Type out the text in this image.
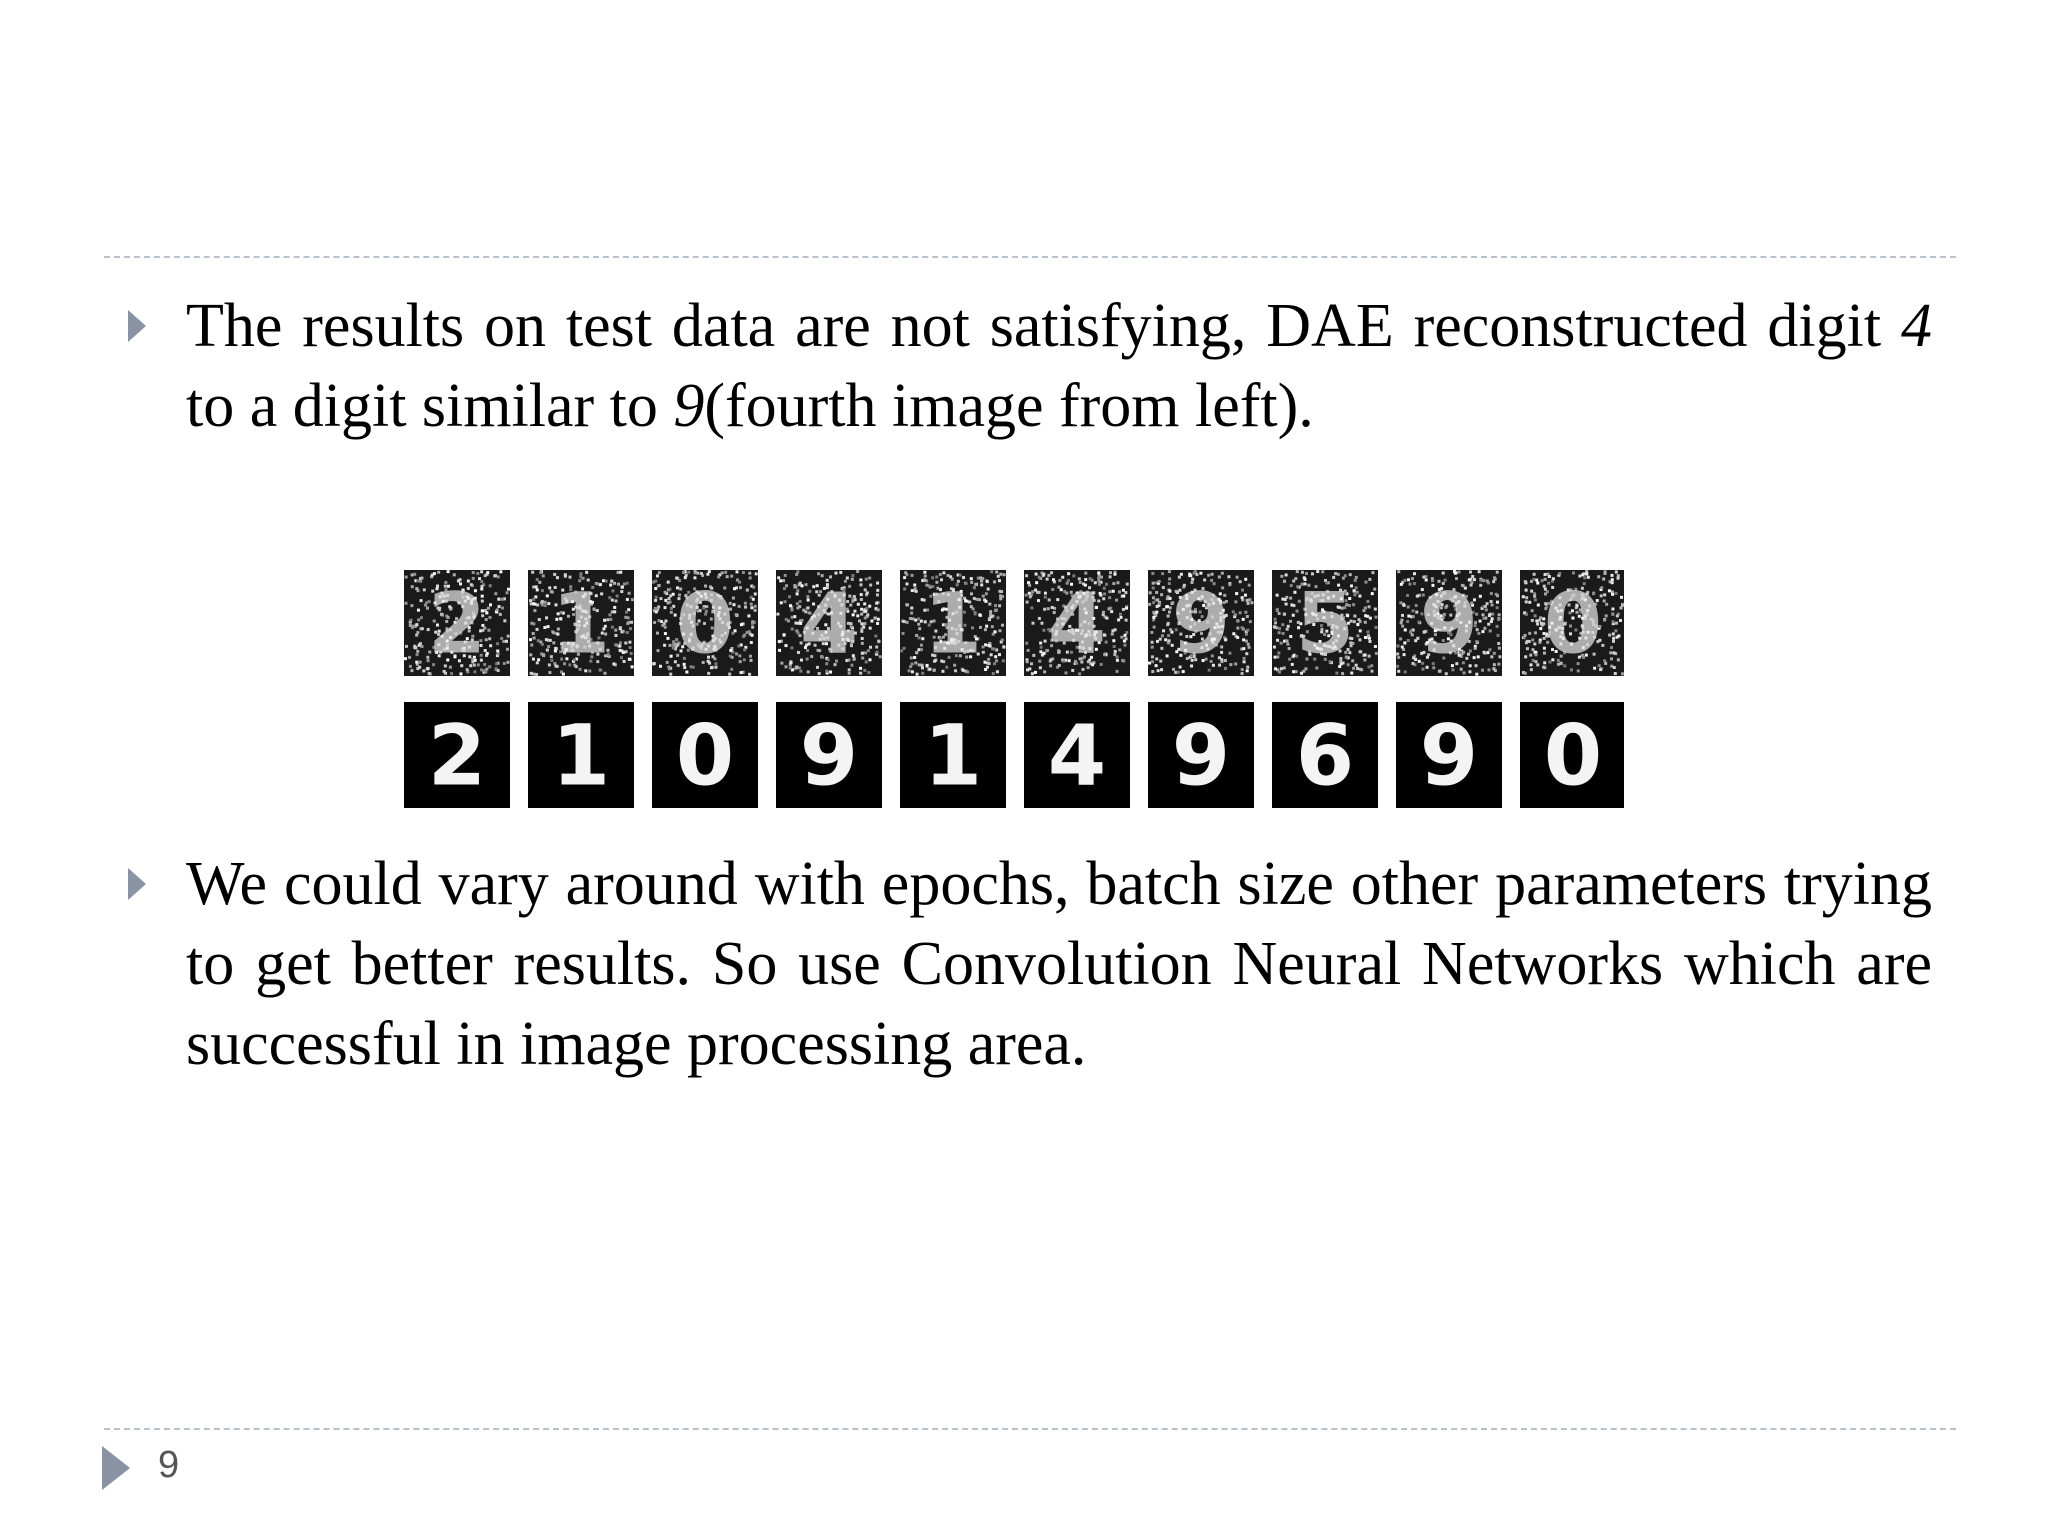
The results on test data are not satisfying, DAE reconstructed digit 4 to a digit similar to 9(fourth image from left).
2 1 0 4 1 4 9 5 9 0
2 1 0 9 1 4 9 6 9 0
We could vary around with epochs, batch size other parameters trying to get better results. So use Convolution Neural Networks which are successful in image processing area.
9
